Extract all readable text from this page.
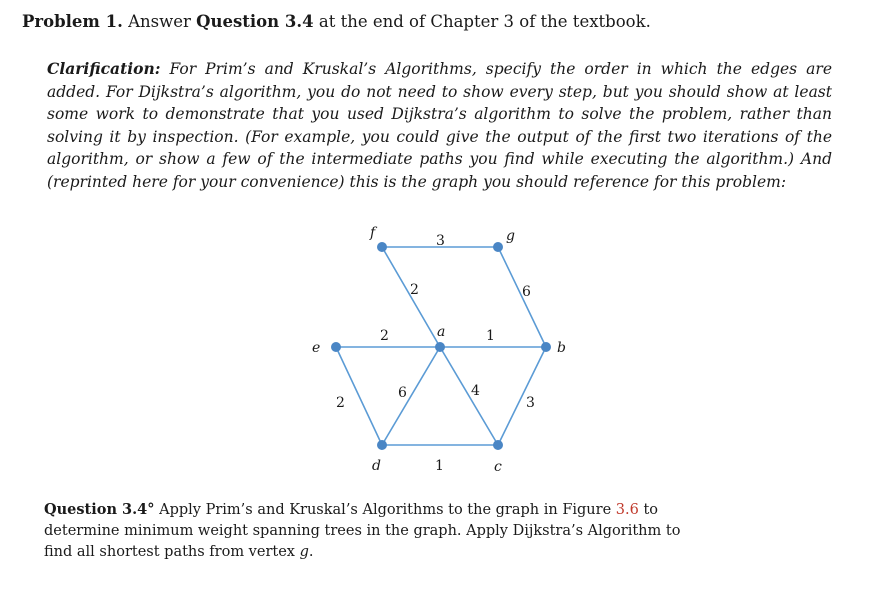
Problem 1. Answer Question 3.4 at the end of Chapter 3 of the textbook.
Clarification: For Prim’s and Kruskal’s Algorithms, specify the order in which the edges are added. For Dijkstra’s algorithm, you do not need to show every step, but you should show at least some work to demonstrate that you used Dijkstra’s algorithm to solve the problem, rather than solving it by inspection. (For example, you could give the output of the first two iterations of the algorithm, or show a few of the intermediate paths you find while executing the algorithm.) And (reprinted here for your convenience) this is the graph you should reference for this problem:
f	g
e
a
b
d	c
3
2	6
2	1
2
6	4
3
1
Question 3.4° Apply Prim’s and Kruskal’s Algorithms to the graph in Figure 3.6 to determine minimum weight spanning trees in the graph. Apply Dijkstra’s Algorithm to find all shortest paths from vertex g.
